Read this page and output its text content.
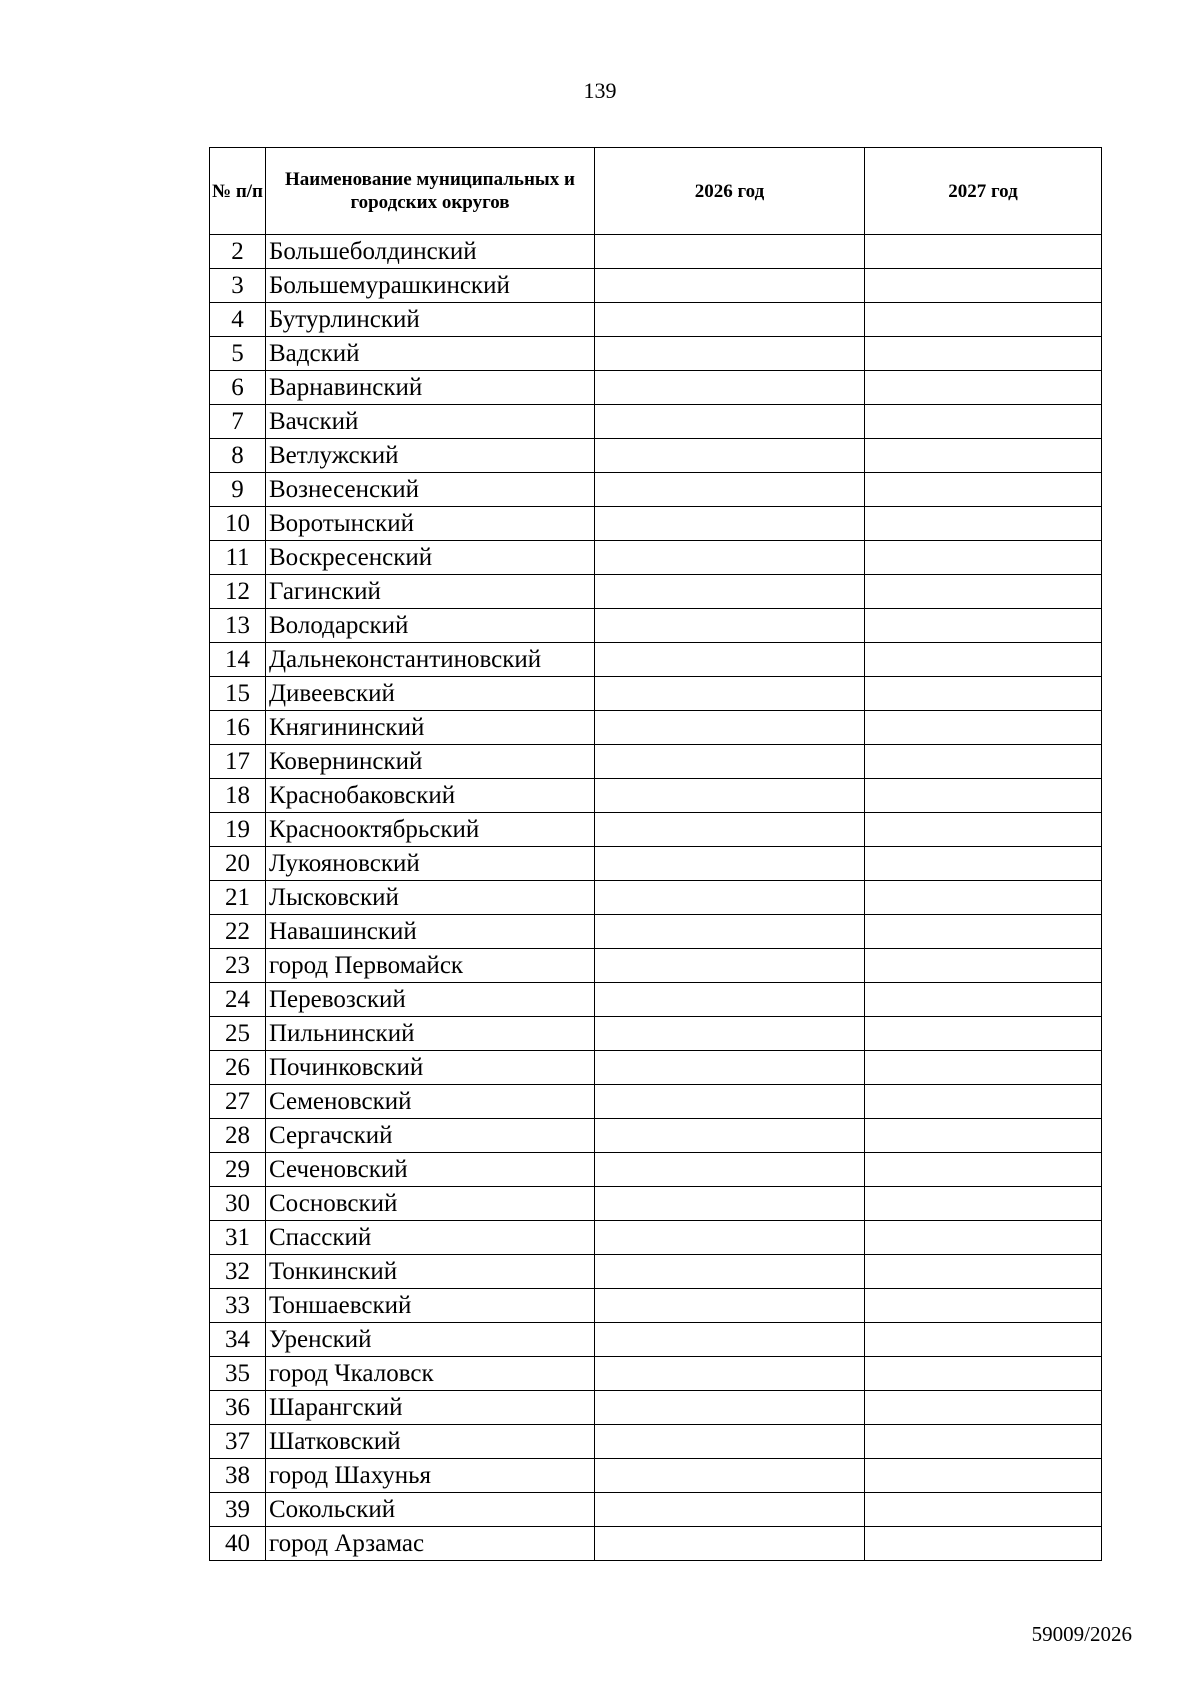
139
№ п/п	Наименование муниципальных и городских округов	2026 год	2027 год
2	Большеболдинский		
3	Большемурашкинский		
4	Бутурлинский		
5	Вадский		
6	Варнавинский		
7	Вачский		
8	Ветлужский		
9	Вознесенский		
10	Воротынский		
11	Воскресенский		
12	Гагинский		
13	Володарский		
14	Дальнеконстантиновский		
15	Дивеевский		
16	Княгининский		
17	Ковернинский		
18	Краснобаковский		
19	Краснооктябрьский		
20	Лукояновский		
21	Лысковский		
22	Навашинский		
23	город Первомайск		
24	Перевозский		
25	Пильнинский		
26	Починковский		
27	Семеновский		
28	Сергачский		
29	Сеченовский		
30	Сосновский		
31	Спасский		
32	Тонкинский		
33	Тоншаевский		
34	Уренский		
35	город Чкаловск		
36	Шарангский		
37	Шатковский		
38	город Шахунья		
39	Сокольский		
40	город Арзамас		
59009/2026
